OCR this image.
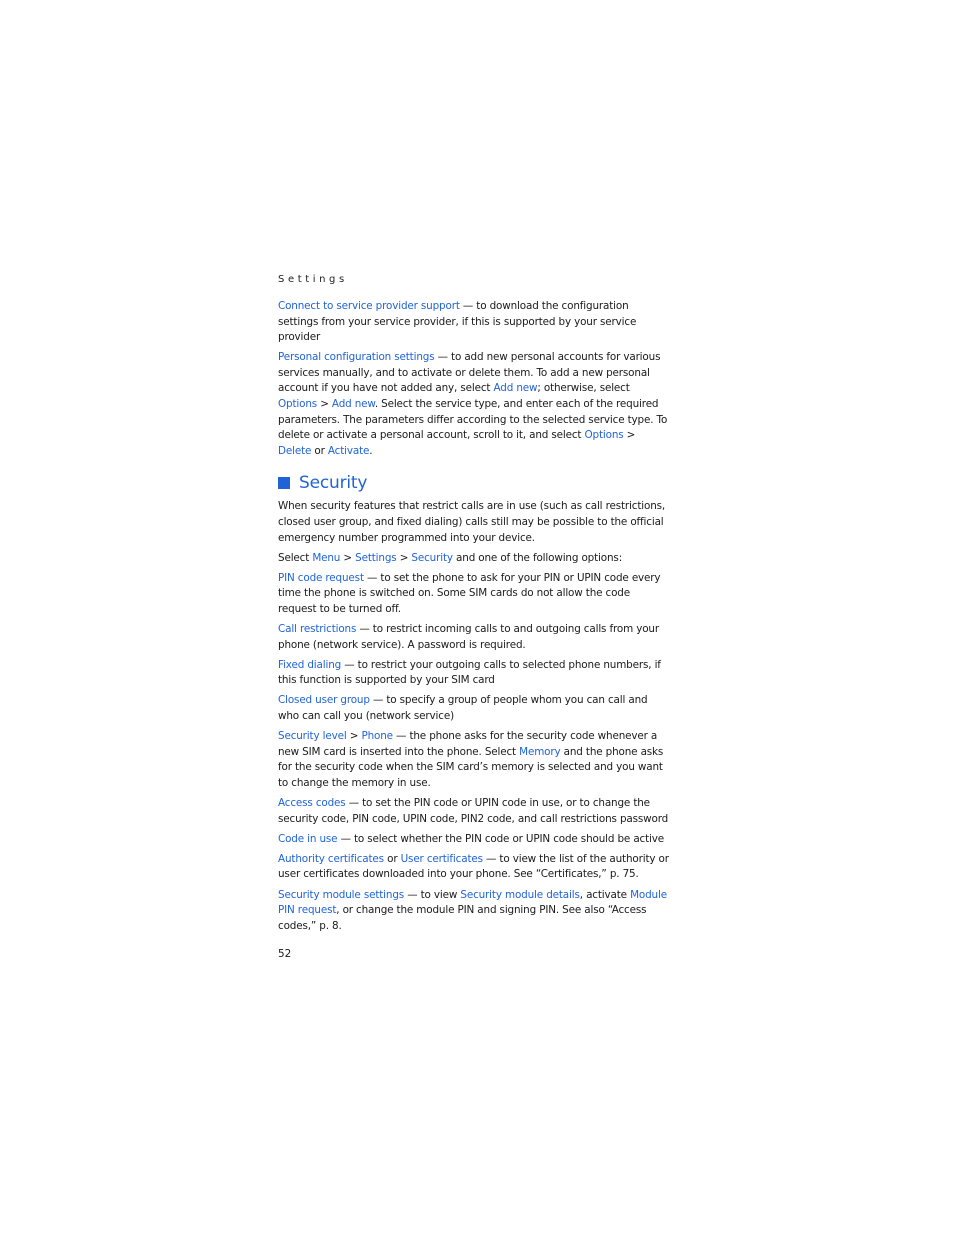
Settings

Connect to service provider support — to download the configuration settings from your service provider, if this is supported by your service provider

Personal configuration settings — to add new personal accounts for various services manually, and to activate or delete them. To add a new personal account if you have not added any, select Add new; otherwise, select Options > Add new. Select the service type, and enter each of the required parameters. The parameters differ according to the selected service type. To delete or activate a personal account, scroll to it, and select Options > Delete or Activate.

Security

When security features that restrict calls are in use (such as call restrictions, closed user group, and fixed dialing) calls still may be possible to the official emergency number programmed into your device.

Select Menu > Settings > Security and one of the following options:

PIN code request — to set the phone to ask for your PIN or UPIN code every time the phone is switched on. Some SIM cards do not allow the code request to be turned off.

Call restrictions — to restrict incoming calls to and outgoing calls from your phone (network service). A password is required.

Fixed dialing — to restrict your outgoing calls to selected phone numbers, if this function is supported by your SIM card

Closed user group — to specify a group of people whom you can call and who can call you (network service)

Security level > Phone — the phone asks for the security code whenever a new SIM card is inserted into the phone. Select Memory and the phone asks for the security code when the SIM card’s memory is selected and you want to change the memory in use.

Access codes — to set the PIN code or UPIN code in use, or to change the security code, PIN code, UPIN code, PIN2 code, and call restrictions password

Code in use — to select whether the PIN code or UPIN code should be active

Authority certificates or User certificates — to view the list of the authority or user certificates downloaded into your phone. See “Certificates,” p. 75.

Security module settings — to view Security module details, activate Module PIN request, or change the module PIN and signing PIN. See also “Access codes,” p. 8.

52
